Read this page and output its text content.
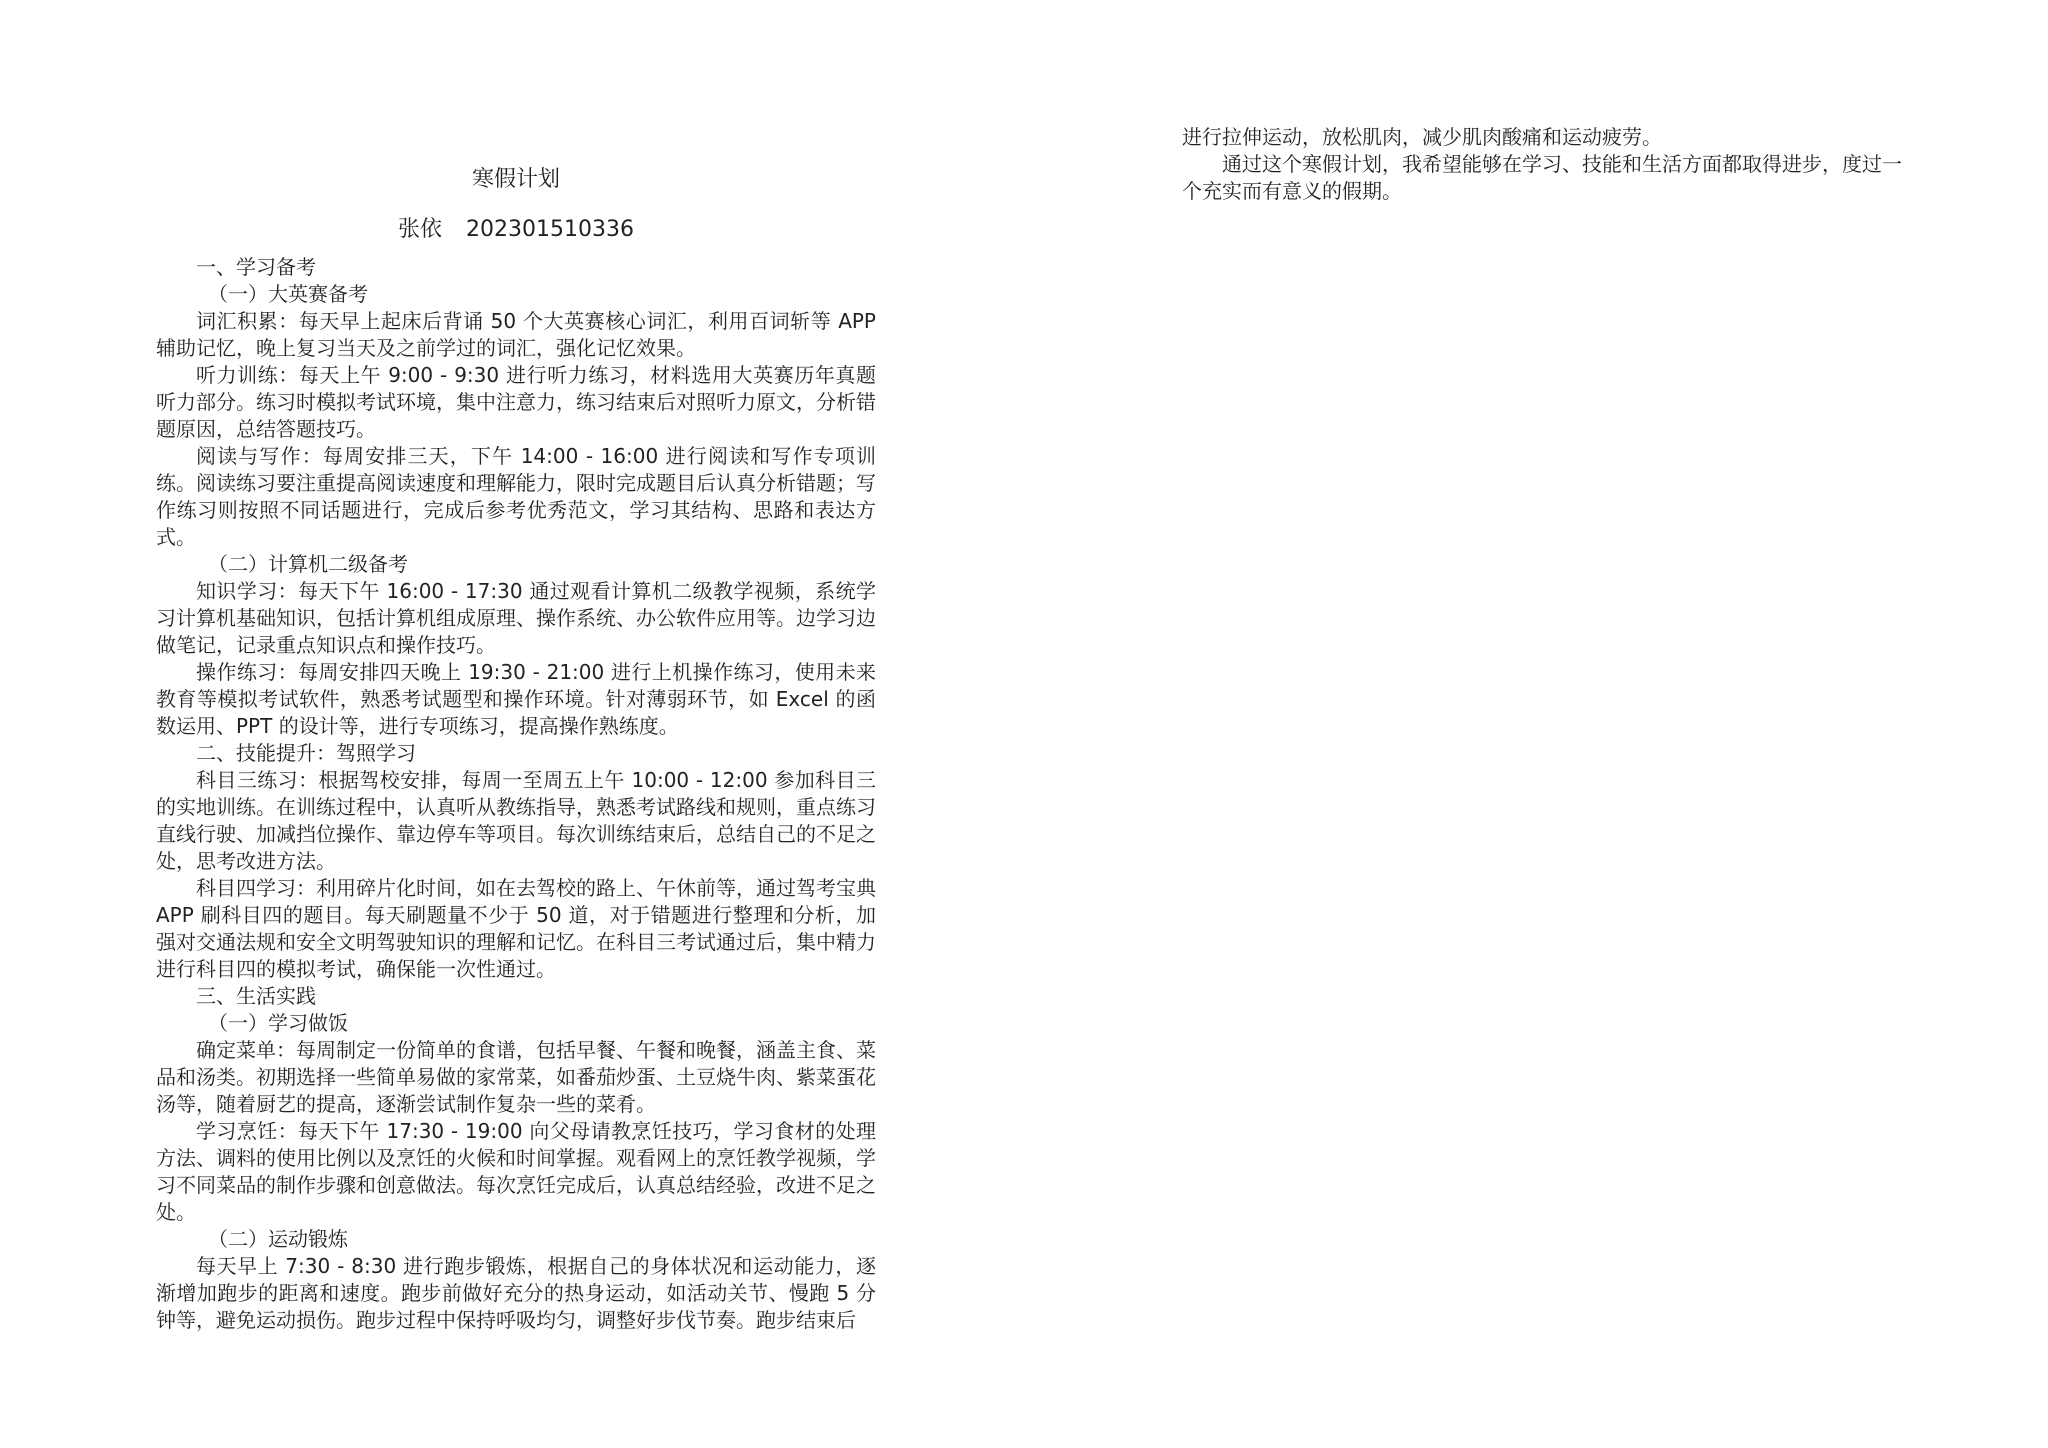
寒假计划
张依 202301510336
一、学习备考
（一）大英赛备考
词汇积累：每天早上起床后背诵 50 个大英赛核心词汇，利用百词斩等 APP 辅助记忆，晚上复习当天及之前学过的词汇，强化记忆效果。
听力训练：每天上午 9:00 - 9:30 进行听力练习，材料选用大英赛历年真题听力部分。练习时模拟考试环境，集中注意力，练习结束后对照听力原文，分析错题原因，总结答题技巧。
阅读与写作：每周安排三天，下午 14:00 - 16:00 进行阅读和写作专项训练。阅读练习要注重提高阅读速度和理解能力，限时完成题目后认真分析错题；写作练习则按照不同话题进行，完成后参考优秀范文，学习其结构、思路和表达方式。
（二）计算机二级备考
知识学习：每天下午 16:00 - 17:30 通过观看计算机二级教学视频，系统学习计算机基础知识，包括计算机组成原理、操作系统、办公软件应用等。边学习边做笔记，记录重点知识点和操作技巧。
操作练习：每周安排四天晚上 19:30 - 21:00 进行上机操作练习，使用未来教育等模拟考试软件，熟悉考试题型和操作环境。针对薄弱环节，如 Excel 的函数运用、PPT 的设计等，进行专项练习，提高操作熟练度。
二、技能提升：驾照学习
科目三练习：根据驾校安排，每周一至周五上午 10:00 - 12:00 参加科目三的实地训练。在训练过程中，认真听从教练指导，熟悉考试路线和规则，重点练习直线行驶、加减挡位操作、靠边停车等项目。每次训练结束后，总结自己的不足之处，思考改进方法。
科目四学习：利用碎片化时间，如在去驾校的路上、午休前等，通过驾考宝典 APP 刷科目四的题目。每天刷题量不少于 50 道，对于错题进行整理和分析，加强对交通法规和安全文明驾驶知识的理解和记忆。在科目三考试通过后，集中精力进行科目四的模拟考试，确保能一次性通过。
三、生活实践
（一）学习做饭
确定菜单：每周制定一份简单的食谱，包括早餐、午餐和晚餐，涵盖主食、菜品和汤类。初期选择一些简单易做的家常菜，如番茄炒蛋、土豆烧牛肉、紫菜蛋花汤等，随着厨艺的提高，逐渐尝试制作复杂一些的菜肴。
学习烹饪：每天下午 17:30 - 19:00 向父母请教烹饪技巧，学习食材的处理方法、调料的使用比例以及烹饪的火候和时间掌握。观看网上的烹饪教学视频，学习不同菜品的制作步骤和创意做法。每次烹饪完成后，认真总结经验，改进不足之处。
（二）运动锻炼
每天早上 7:30 - 8:30 进行跑步锻炼，根据自己的身体状况和运动能力，逐渐增加跑步的距离和速度。跑步前做好充分的热身运动，如活动关节、慢跑 5 分钟等，避免运动损伤。跑步过程中保持呼吸均匀，调整好步伐节奏。跑步结束后
进行拉伸运动，放松肌肉，减少肌肉酸痛和运动疲劳。
通过这个寒假计划，我希望能够在学习、技能和生活方面都取得进步，度过一个充实而有意义的假期。
